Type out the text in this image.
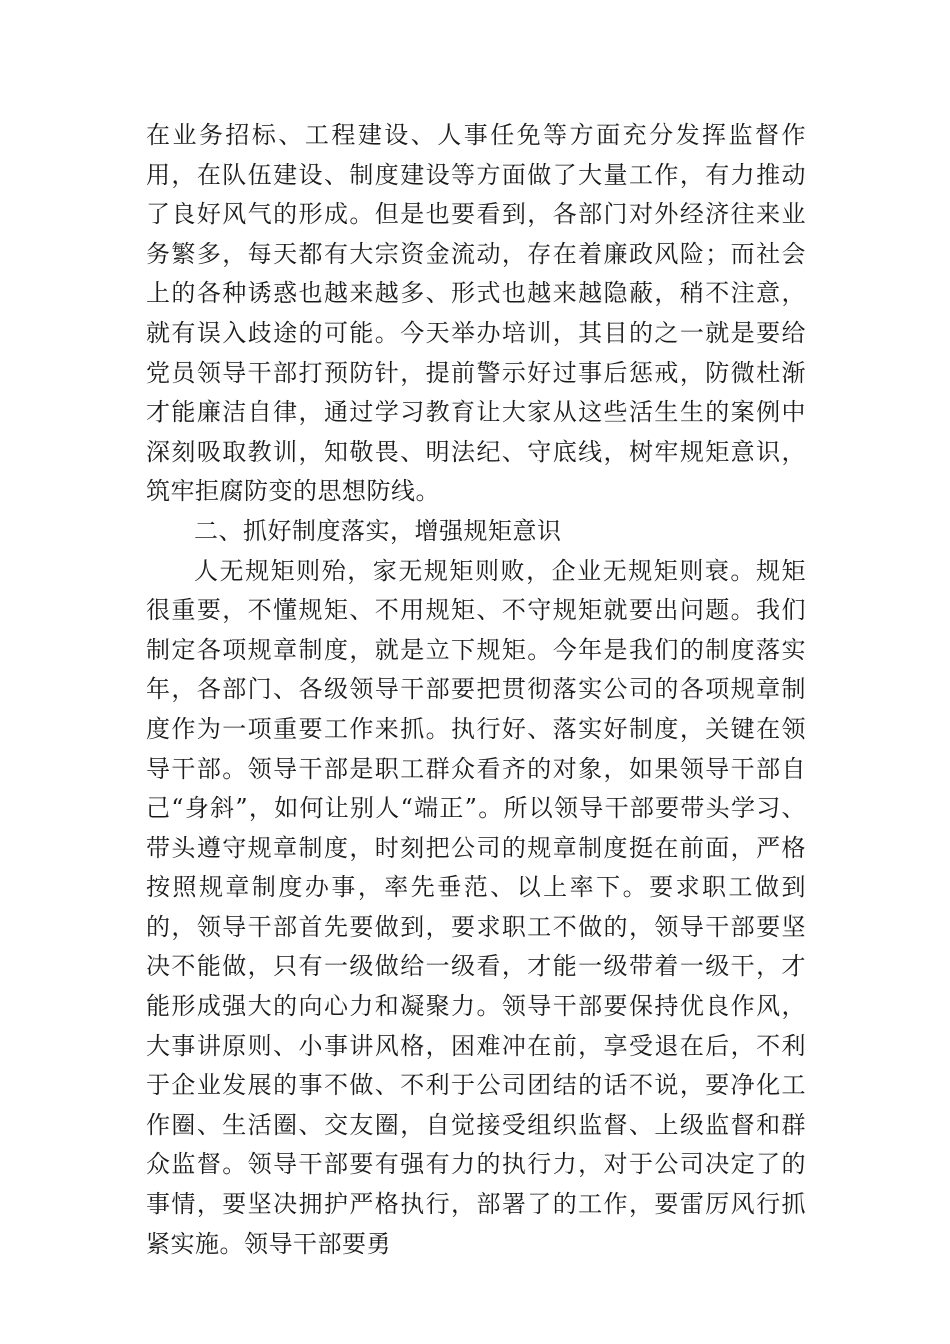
在业务招标、工程建设、人事任免等方面充分发挥监督作用，在队伍建设、制度建设等方面做了大量工作，有力推动了良好风气的形成。但是也要看到，各部门对外经济往来业务繁多，每天都有大宗资金流动，存在着廉政风险；而社会上的各种诱惑也越来越多、形式也越来越隐蔽，稍不注意，就有误入歧途的可能。今天举办培训，其目的之一就是要给党员领导干部打预防针，提前警示好过事后惩戒，防微杜渐才能廉洁自律，通过学习教育让大家从这些活生生的案例中深刻吸取教训，知敬畏、明法纪、守底线，树牢规矩意识，筑牢拒腐防变的思想防线。

二、抓好制度落实，增强规矩意识

人无规矩则殆，家无规矩则败，企业无规矩则衰。规矩很重要，不懂规矩、不用规矩、不守规矩就要出问题。我们制定各项规章制度，就是立下规矩。今年是我们的制度落实年，各部门、各级领导干部要把贯彻落实公司的各项规章制度作为一项重要工作来抓。执行好、落实好制度，关键在领导干部。领导干部是职工群众看齐的对象，如果领导干部自己“身斜”，如何让别人“端正”。所以领导干部要带头学习、带头遵守规章制度，时刻把公司的规章制度挺在前面，严格按照规章制度办事，率先垂范、以上率下。要求职工做到的，领导干部首先要做到，要求职工不做的，领导干部要坚决不能做，只有一级做给一级看，才能一级带着一级干，才能形成强大的向心力和凝聚力。领导干部要保持优良作风，大事讲原则、小事讲风格，困难冲在前，享受退在后，不利于企业发展的事不做、不利于公司团结的话不说，要净化工作圈、生活圈、交友圈，自觉接受组织监督、上级监督和群众监督。领导干部要有强有力的执行力，对于公司决定了的事情，要坚决拥护严格执行，部署了的工作，要雷厉风行抓紧实施。领导干部要勇
